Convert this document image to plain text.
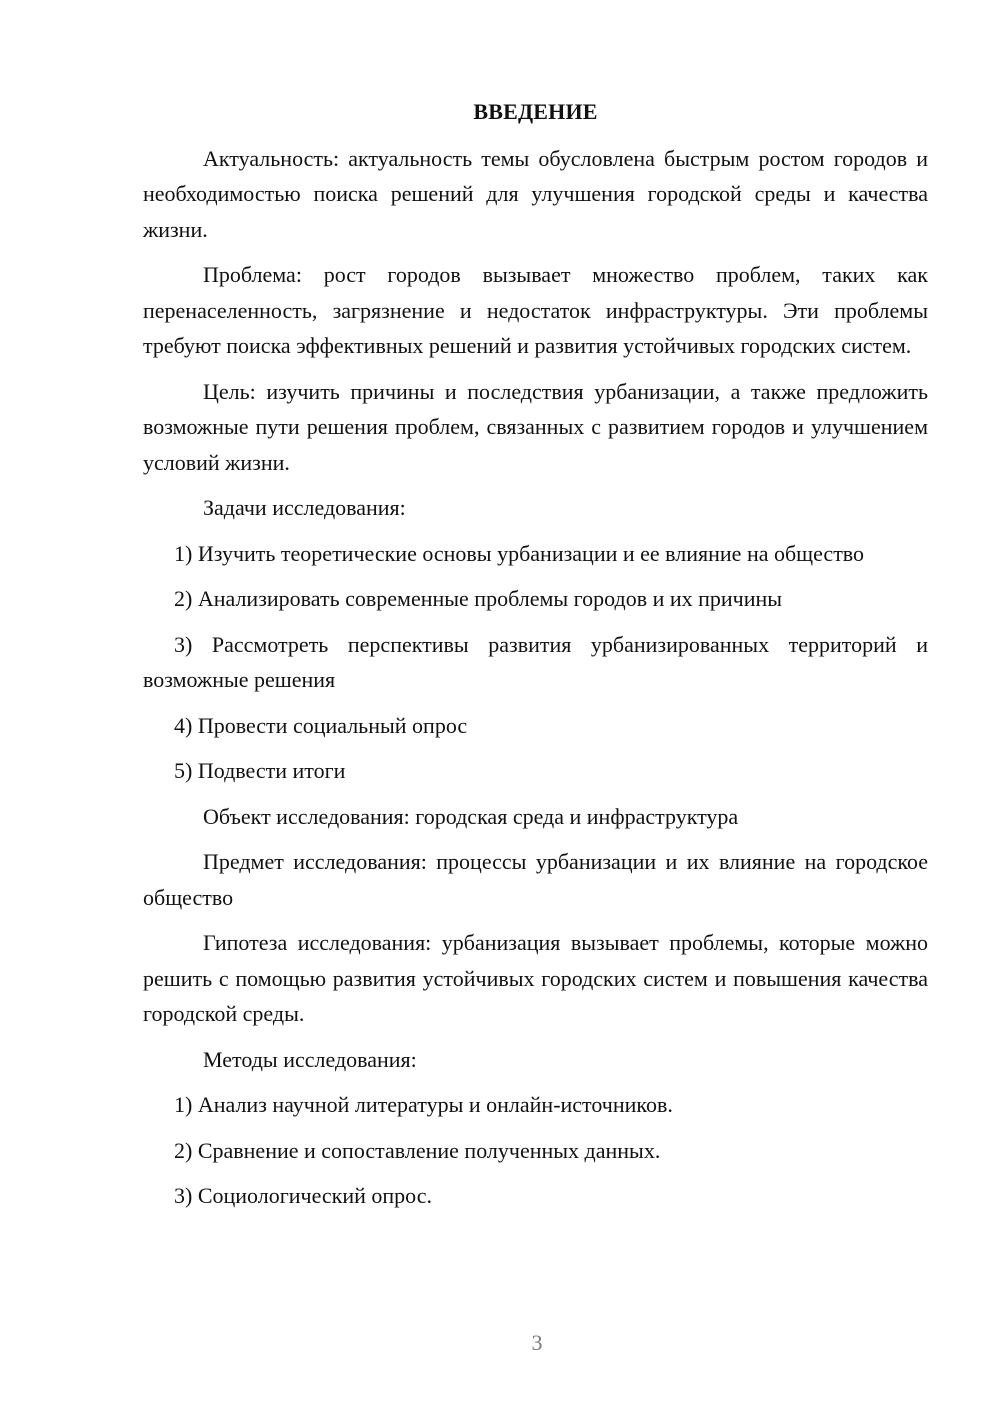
ВВЕДЕНИЕ
Актуальность: актуальность темы обусловлена быстрым ростом городов и необходимостью поиска решений для улучшения городской среды и качества жизни.
Проблема: рост городов вызывает множество проблем, таких как перенаселенность, загрязнение и недостаток инфраструктуры. Эти проблемы требуют поиска эффективных решений и развития устойчивых городских систем.
Цель: изучить причины и последствия урбанизации, а также предложить возможные пути решения проблем, связанных с развитием городов и улучшением условий жизни.
Задачи исследования:
1) Изучить теоретические основы урбанизации и ее влияние на общество
2) Анализировать современные проблемы городов и их причины
3) Рассмотреть перспективы развития урбанизированных территорий и возможные решения
4) Провести социальный опрос
5) Подвести итоги
Объект исследования: городская среда и инфраструктура
Предмет исследования: процессы урбанизации и их влияние на городское общество
Гипотеза исследования: урбанизация вызывает проблемы, которые можно решить с помощью развития устойчивых городских систем и повышения качества городской среды.
Методы исследования:
1) Анализ научной литературы и онлайн-источников.
2) Сравнение и сопоставление полученных данных.
3) Социологический опрос.
3
